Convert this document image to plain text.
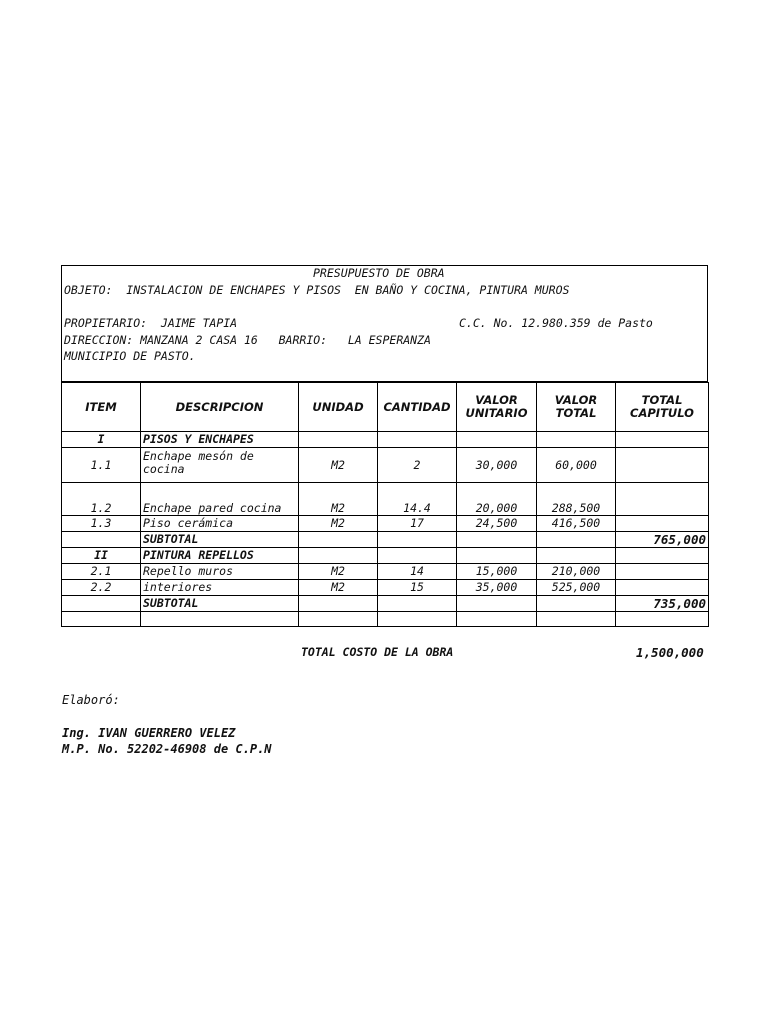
PRESUPUESTO DE OBRA
OBJETO:  INSTALACION DE ENCHAPES Y PISOS  EN BAÑO Y COCINA, PINTURA MUROS
PROPIETARIO:  JAIME TAPIA	C.C. No. 12.980.359 de Pasto
DIRECCION: MANZANA 2 CASA 16   BARRIO:   LA ESPERANZA
MUNICIPIO DE PASTO.
ITEM	DESCRIPCION	UNIDAD	CANTIDAD	VALOR UNITARIO	VALOR TOTAL	TOTAL CAPITULO
I	PISOS Y ENCHAPES					
1.1	Enchape mesón de cocina	M2	2	30,000	60,000	
1.2	Enchape pared cocina	M2	14.4	20,000	288,500	
1.3	Piso cerámica	M2	17	24,500	416,500	
	SUBTOTAL					765,000
II	PINTURA REPELLOS					
2.1	Repello muros	M2	14	15,000	210,000	
2.2	interiores	M2	15	35,000	525,000	
	SUBTOTAL					735,000

TOTAL COSTO DE LA OBRA	1,500,000
Elaboró:
Ing. IVAN GUERRERO VELEZ
M.P. No. 52202-46908 de C.P.N
